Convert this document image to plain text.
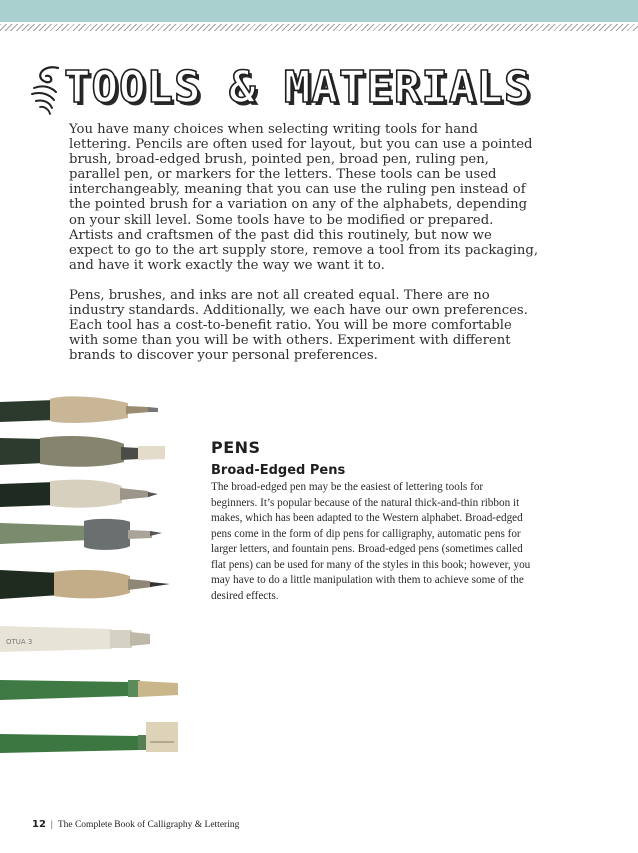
TOOLS & MATERIALS

You have many choices when selecting writing tools for hand lettering. Pencils are often used for layout, but you can use a pointed brush, broad-edged brush, pointed pen, broad pen, ruling pen, parallel pen, or markers for the letters. These tools can be used interchangeably, meaning that you can use the ruling pen instead of the pointed brush for a variation on any of the alphabets, depending on your skill level. Some tools have to be modified or prepared. Artists and craftsmen of the past did this routinely, but now we expect to go to the art supply store, remove a tool from its packaging, and have it work exactly the way we want it to.

Pens, brushes, and inks are not all created equal. There are no industry standards. Additionally, we each have our own preferences. Each tool has a cost-to-benefit ratio. You will be more comfortable with some than you will be with others. Experiment with different brands to discover your personal preferences.

OTUA 3
PENS
Broad-Edged Pens

The broad-edged pen may be the easiest of lettering tools for beginners. It’s popular because of the natural thick-and-thin ribbon it makes, which has been adapted to the Western alphabet. Broad-edged pens come in the form of dip pens for calligraphy, automatic pens for larger letters, and fountain pens. Broad-edged pens (sometimes called flat pens) can be used for many of the styles in this book; however, you may have to do a little manipulation with them to achieve some of the desired effects.

12 | The Complete Book of Calligraphy & Lettering
